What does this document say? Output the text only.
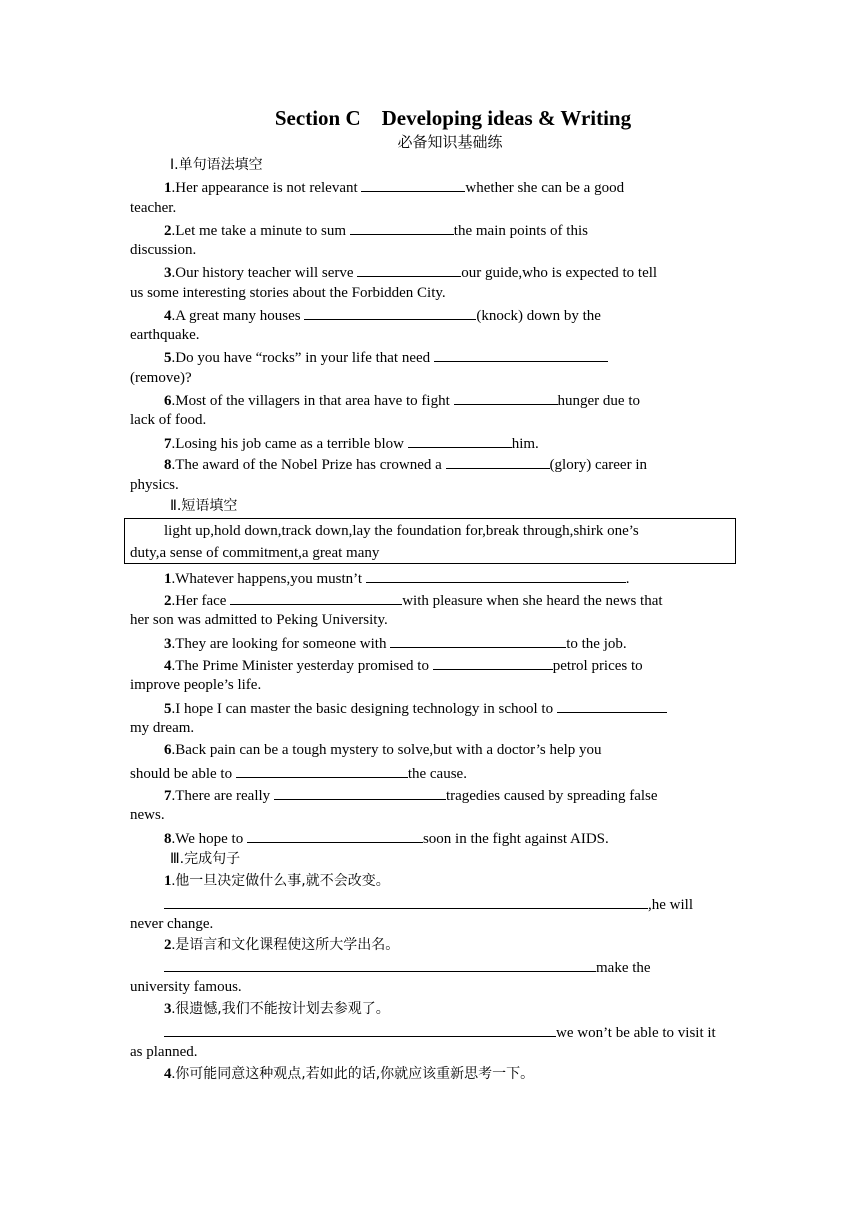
Section C    Developing ideas & Writing
必备知识基础练
Ⅰ.单句语法填空
1.Her appearance is not relevant	whether she can be a good
teacher.
2.Let me take a minute to sum	the main points of this
discussion.
3.Our history teacher will serve	our guide,who is expected to tell
us some interesting stories about the Forbidden City.
4.A great many houses	(knock) down by the
earthquake.
5.Do you have “rocks” in your life that need
(remove)?
6.Most of the villagers in that area have to fight	hunger due to
lack of food.
7.Losing his job came as a terrible blow	him.
8.The award of the Nobel Prize has crowned a	(glory) career in
physics.
Ⅱ.短语填空
light up,hold down,track down,lay the foundation for,break through,shirk one’s
duty,a sense of commitment,a great many
1.Whatever happens,you mustn’t	.
2.Her face	with pleasure when she heard the news that
her son was admitted to Peking University.
3.They are looking for someone with	to the job.
4.The Prime Minister yesterday promised to	petrol prices to
improve people’s life.
5.I hope I can master the basic designing technology in school to
my dream.
6.Back pain can be a tough mystery to solve,but with a doctor’s help you
should be able to	the cause.
7.There are really	tragedies caused by spreading false
news.
8.We hope to	soon in the fight against AIDS.
Ⅲ.完成句子
1.他一旦决定做什么事,就不会改变。
,he will
never change.
2.是语言和文化课程使这所大学出名。
make the
university famous.
3.很遗憾,我们不能按计划去参观了。
we won’t be able to visit it
as planned.
4.你可能同意这种观点,若如此的话,你就应该重新思考一下。
